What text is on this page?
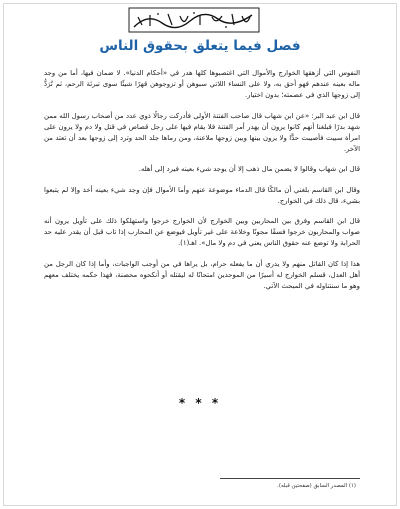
فصل فيما يتعلق بحقوق الناس

النفوس التي أزهقها الخوارج والأموال التي اغتصبوها كلها هدر في «أحكام الدنيا». لا ضمان فيها، أما من وجد ماله بعينه عندهم فهو أحق به، ولا على النساء اللاتي سبوهن أو تزوجوهن قهرًا شيئًا سوى تبرئة الرحم، ثم تُرَدُّ إلى زوجها الذي في عصمته؛ بدون اختيار.

قال ابن عبد البر: «عن ابن شهاب قال صاحب الفتنة الأولى فأدركت رجالًا ذوي عدد من أصحاب رسول الله ممن شهد بدرًا فبلغنا أنهم كانوا يرون أن يهدر أمر الفتنة فلا يقام فيها على رجل قصاص في قتل ولا دم ولا يرون على امرأة سبيت فأصيبت حدًّا ولا يرون بينها وبين زوجها ملاعنة، ومن رماها جلد الحد وترد إلى زوجها بعد أن تعتد من الآخر.

قال ابن شهاب وقالوا لا يضمن مال ذهب إلا أن يوجد شيء بعينه فيرد إلى أهله.

وقال ابن القاسم بلغني أن مالكًا قال الدماء موضوعة عنهم وأما الأموال فإن وجد شيء بعينه أخذ وإلا لم يتبعوا بشيء، قال ذلك في الخوارج.

قال ابن القاسم وفرق بين المحاربين وبين الخوارج لأن الخوارج خرجوا واستهلكوا ذلك على تأويل يرون أنه صواب والمحاربون خرجوا فسقًا مجونًا وخلاعة على غير تأويل فيوضع عن المحارب إذا تاب قبل أن يقدر عليه حد الحرابة ولا توضع عنه حقوق الناس يعني في دم ولا مال». اهـ(١).

هذا إذا كان القاتل منهم ولا يدري أن ما يفعله حرام، بل يراها في من أوجب الواجبات، وأما إذا كان الرجل من أهل العدل، قسلم الخوارج له أسيرًا من الموحدين امتحانًا له ليقتله أو أنكحوه محصنة، فهذا حكمه يختلف معهم وهو ما سنتناوله في المبحث الآتي.

* * *
(١) المصدر السابق (صفحتين قبله).
